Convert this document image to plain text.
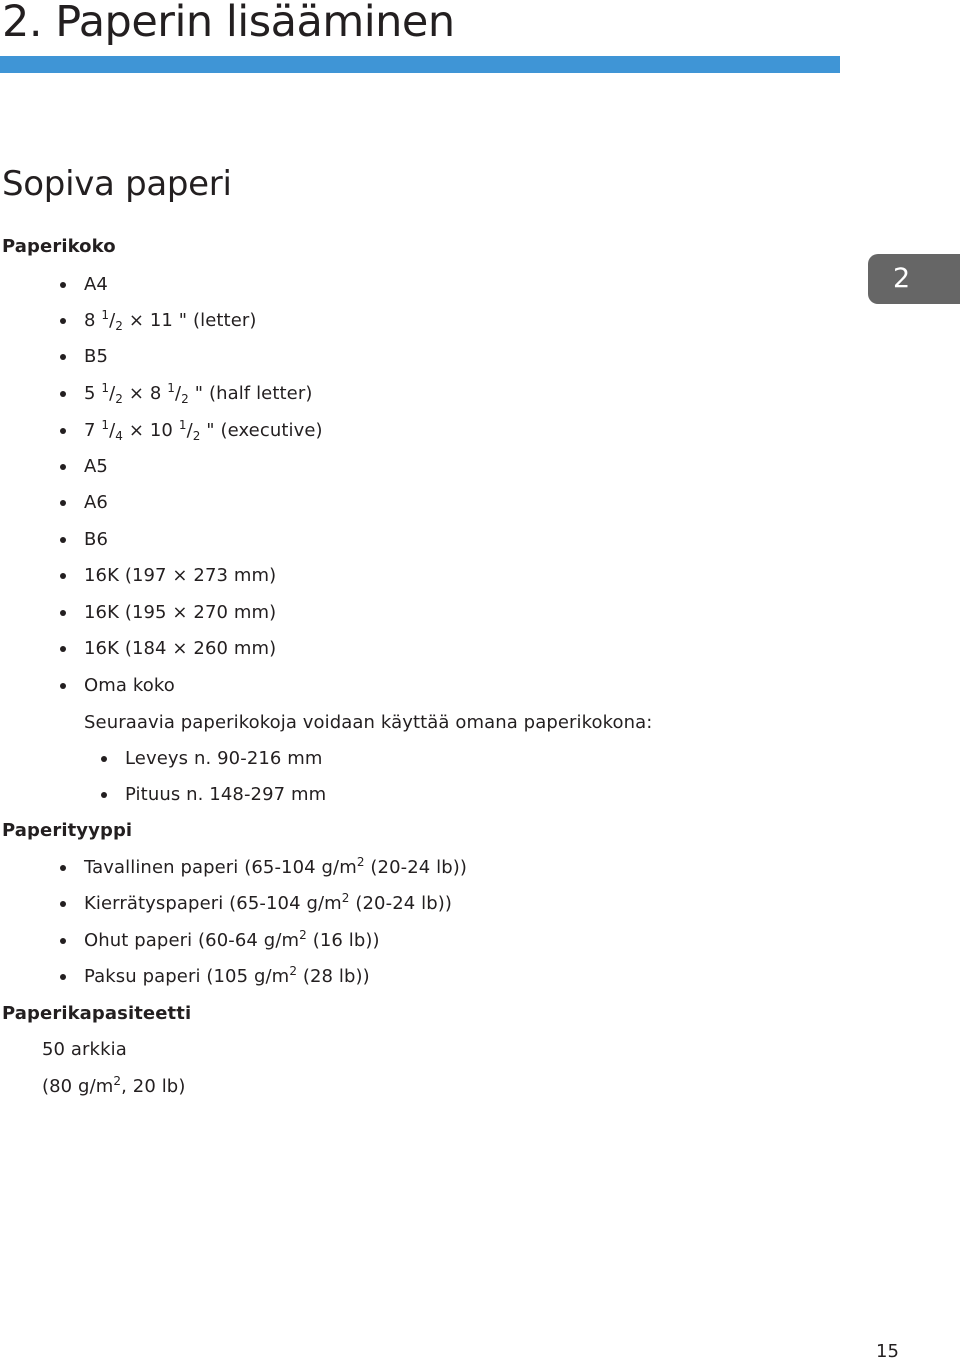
2. Paperin lisääminen
Sopiva paperi
2
Paperikoko
A4
8 $^1/_2 \times 11$ " (letter)
B5
5 $^1/_2 \times 8$ $^1/_2$ " (half letter)
7 $^1/_4 \times 10$ $^1/_2$ " (executive)
A5
A6
B6
16K (197 × 273 mm)
16K (195 × 270 mm)
16K (184 × 260 mm)
Oma koko
Seuraavia paperikokoja voidaan käyttää omana paperikokona:
Leveys n. 90-216 mm
Pituus n. 148-297 mm
Paperityyppi
Tavallinen paperi (65-104 $g/m^2$ (20-24 lb))
Kierrätyspaperi (65-104 $g/m^2$ (20-24 lb))
Ohut paperi (60-64 $g/m^2$ (16 lb))
Paksu paperi (105 $g/m^2$ (28 lb))
Paperikapasiteetti
50 arkkia
(80 $g/m^2$, 20 lb)
15
